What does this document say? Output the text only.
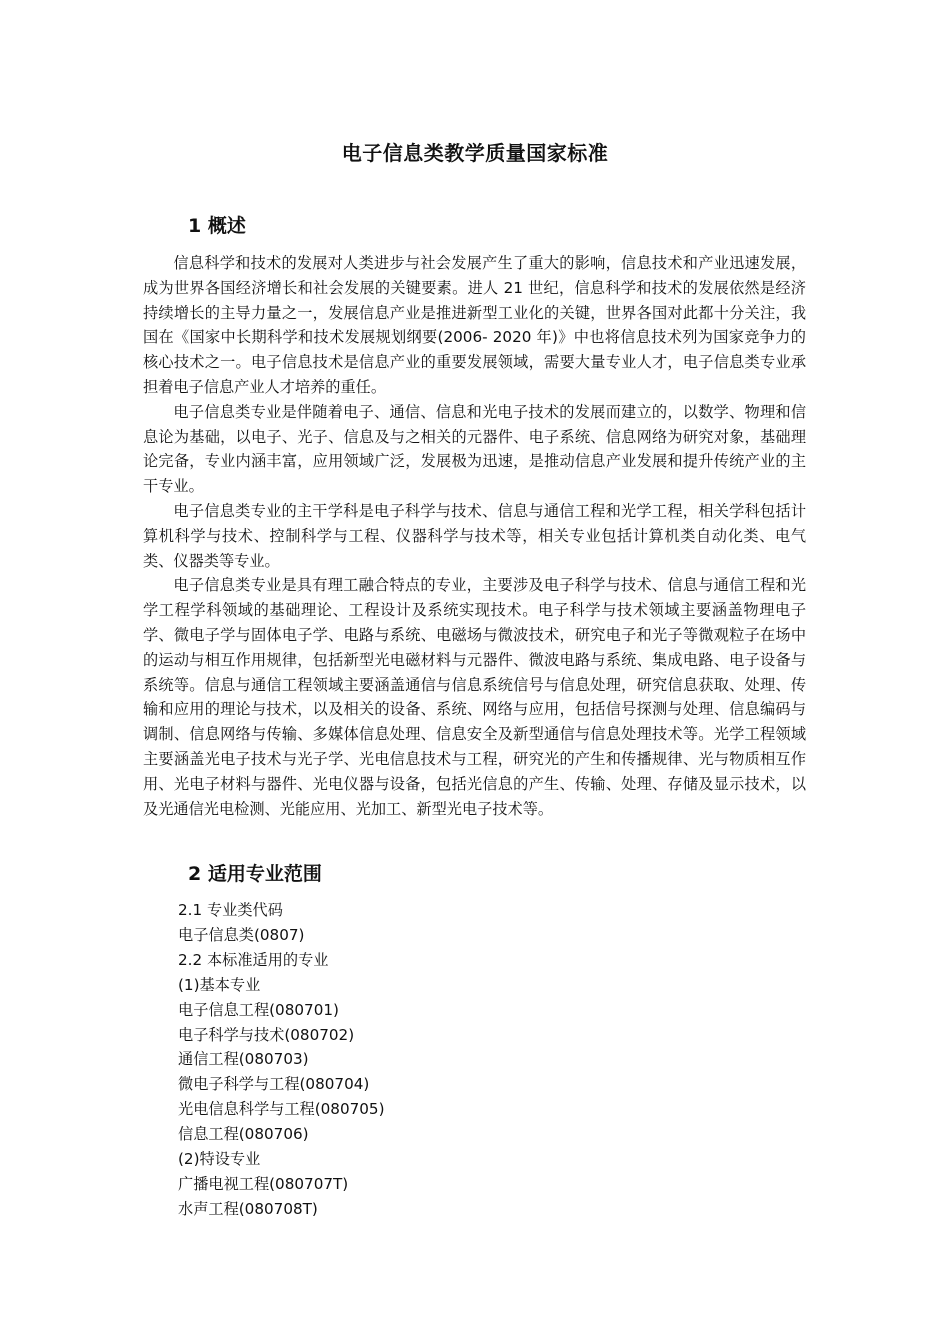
电子信息类教学质量国家标准
1 概述

信息科学和技术的发展对人类进步与社会发展产生了重大的影响，信息技术和产业迅速发展，成为世界各国经济增长和社会发展的关键要素。进人 21 世纪，信息科学和技术的发展依然是经济持续增长的主导力量之一，发展信息产业是推进新型工业化的关键，世界各国对此都十分关注，我国在《国家中长期科学和技术发展规划纲要(2006- 2020 年)》中也将信息技术列为国家竞争力的核心技术之一。电子信息技术是信息产业的重要发展领域，需要大量专业人才，电子信息类专业承担着电子信息产业人才培养的重任。

电子信息类专业是伴随着电子、通信、信息和光电子技术的发展而建立的，以数学、物理和信息论为基础，以电子、光子、信息及与之相关的元器件、电子系统、信息网络为研究对象，基础理论完备，专业内涵丰富，应用领域广泛，发展极为迅速，是推动信息产业发展和提升传统产业的主干专业。

电子信息类专业的主干学科是电子科学与技术、信息与通信工程和光学工程，相关学科包括计算机科学与技术、控制科学与工程、仪器科学与技术等，相关专业包括计算机类自动化类、电气类、仪器类等专业。

电子信息类专业是具有理工融合特点的专业，主要涉及电子科学与技术、信息与通信工程和光学工程学科领域的基础理论、工程设计及系统实现技术。电子科学与技术领域主要涵盖物理电子学、微电子学与固体电子学、电路与系统、电磁场与微波技术，研究电子和光子等微观粒子在场中的运动与相互作用规律，包括新型光电磁材料与元器件、微波电路与系统、集成电路、电子设备与系统等。信息与通信工程领域主要涵盖通信与信息系统信号与信息处理，研究信息获取、处理、传输和应用的理论与技术，以及相关的设备、系统、网络与应用，包括信号探测与处理、信息编码与调制、信息网络与传输、多媒体信息处理、信息安全及新型通信与信息处理技术等。光学工程领域主要涵盖光电子技术与光子学、光电信息技术与工程，研究光的产生和传播规律、光与物质相互作用、光电子材料与器件、光电仪器与设备，包括光信息的产生、传输、处理、存储及显示技术，以及光通信光电检测、光能应用、光加工、新型光电子技术等。

2 适用专业范围

2.1 专业类代码

电子信息类(0807)

2.2 本标准适用的专业

(1)基本专业

电子信息工程(080701)

电子科学与技术(080702)

通信工程(080703)

微电子科学与工程(080704)

光电信息科学与工程(080705)

信息工程(080706)

(2)特设专业

广播电视工程(080707T)

水声工程(080708T)
